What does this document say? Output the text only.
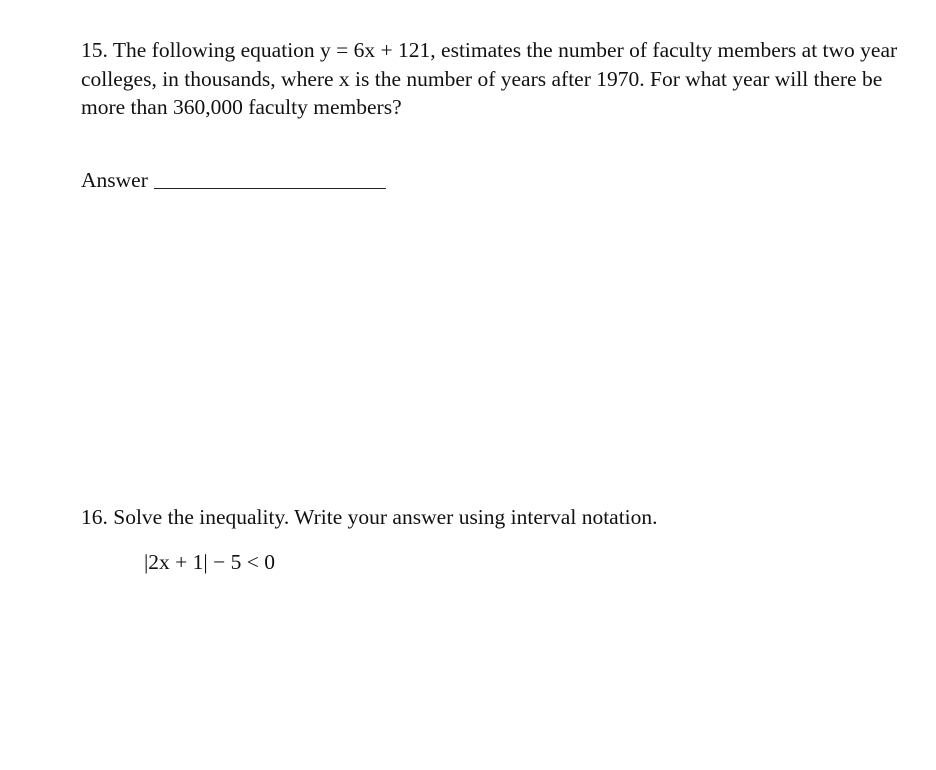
15. The following equation y = 6x + 121, estimates the number of faculty members at two year
colleges, in thousands, where x is the number of years after 1970. For what year will there be
more than 360,000 faculty members?
Answer

16. Solve the inequality. Write your answer using interval notation.

|2x + 1| − 5 < 0
